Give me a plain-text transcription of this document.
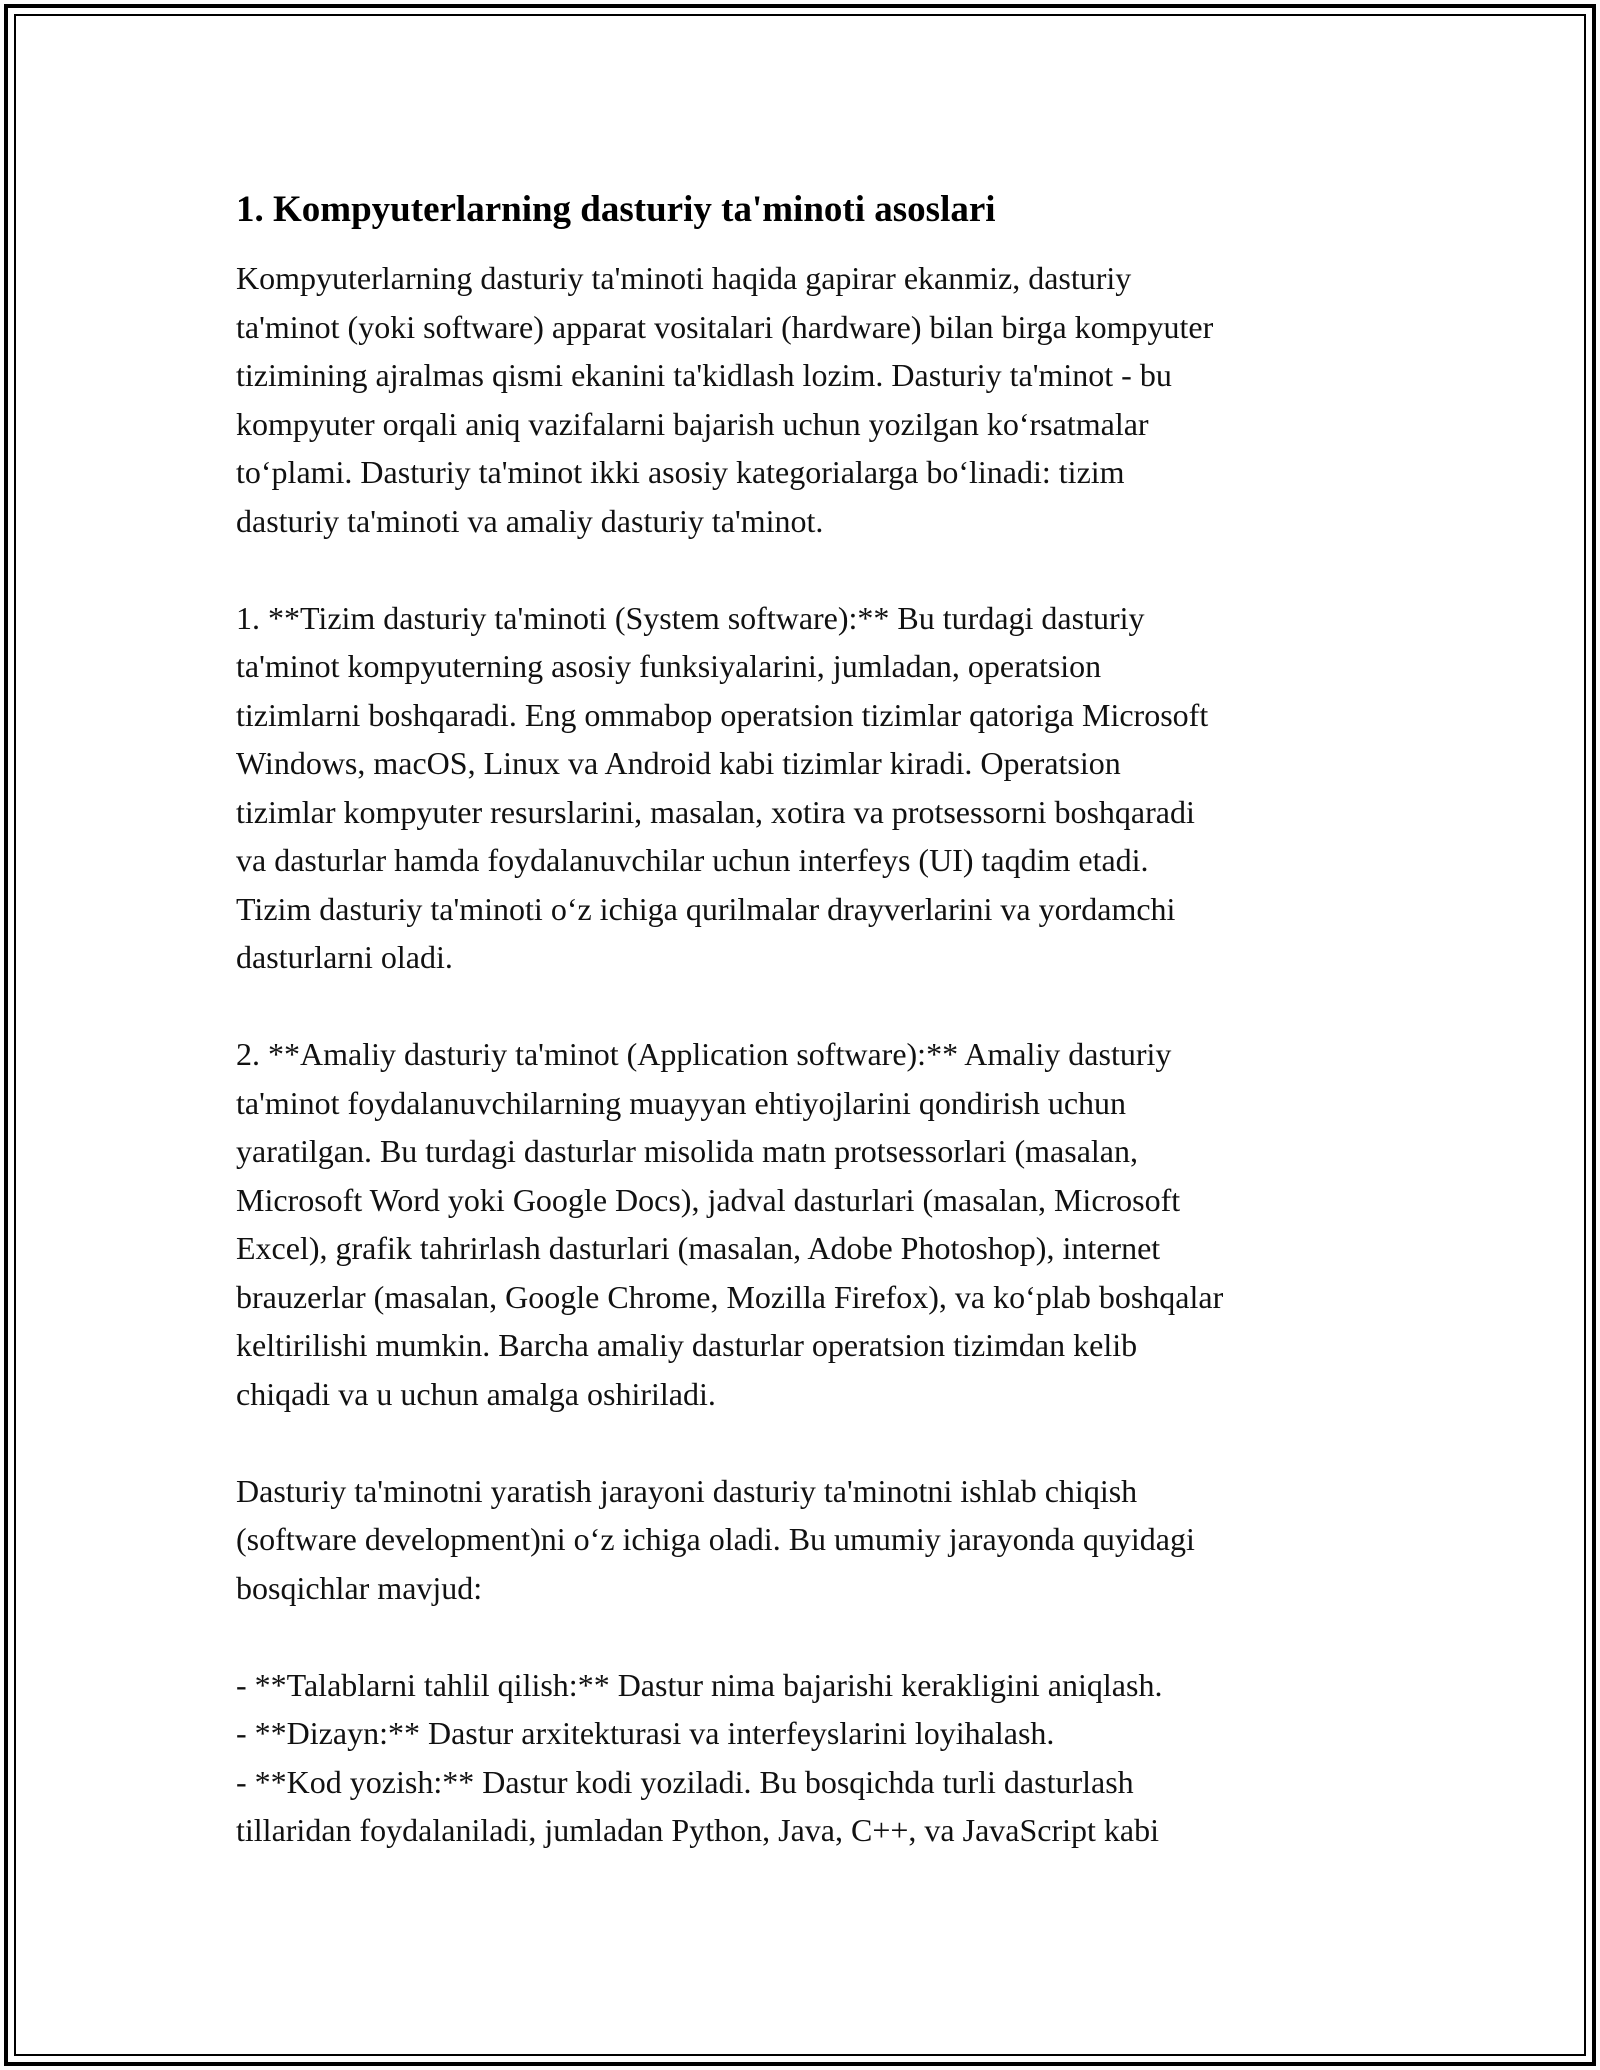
1. Kompyuterlarning dasturiy ta'minoti asoslari

Kompyuterlarning dasturiy ta'minoti haqida gapirar ekanmiz, dasturiy
ta'minot (yoki software) apparat vositalari (hardware) bilan birga kompyuter
tizimining ajralmas qismi ekanini ta'kidlash lozim. Dasturiy ta'minot - bu
kompyuter orqali aniq vazifalarni bajarish uchun yozilgan ko‘rsatmalar
to‘plami. Dasturiy ta'minot ikki asosiy kategorialarga bo‘linadi: tizim
dasturiy ta'minoti va amaliy dasturiy ta'minot.

1. **Tizim dasturiy ta'minoti (System software):** Bu turdagi dasturiy
ta'minot kompyuterning asosiy funksiyalarini, jumladan, operatsion
tizimlarni boshqaradi. Eng ommabop operatsion tizimlar qatoriga Microsoft
Windows, macOS, Linux va Android kabi tizimlar kiradi. Operatsion
tizimlar kompyuter resurslarini, masalan, xotira va protsessorni boshqaradi
va dasturlar hamda foydalanuvchilar uchun interfeys (UI) taqdim etadi.
Tizim dasturiy ta'minoti o‘z ichiga qurilmalar drayverlarini va yordamchi
dasturlarni oladi.

2. **Amaliy dasturiy ta'minot (Application software):** Amaliy dasturiy
ta'minot foydalanuvchilarning muayyan ehtiyojlarini qondirish uchun
yaratilgan. Bu turdagi dasturlar misolida matn protsessorlari (masalan,
Microsoft Word yoki Google Docs), jadval dasturlari (masalan, Microsoft
Excel), grafik tahrirlash dasturlari (masalan, Adobe Photoshop), internet
brauzerlar (masalan, Google Chrome, Mozilla Firefox), va ko‘plab boshqalar
keltirilishi mumkin. Barcha amaliy dasturlar operatsion tizimdan kelib
chiqadi va u uchun amalga oshiriladi.

Dasturiy ta'minotni yaratish jarayoni dasturiy ta'minotni ishlab chiqish
(software development)ni o‘z ichiga oladi. Bu umumiy jarayonda quyidagi
bosqichlar mavjud:

- **Talablarni tahlil qilish:** Dastur nima bajarishi kerakligini aniqlash.
- **Dizayn:** Dastur arxitekturasi va interfeyslarini loyihalash.
- **Kod yozish:** Dastur kodi yoziladi. Bu bosqichda turli dasturlash
tillaridan foydalaniladi, jumladan Python, Java, C++, va JavaScript kabi
